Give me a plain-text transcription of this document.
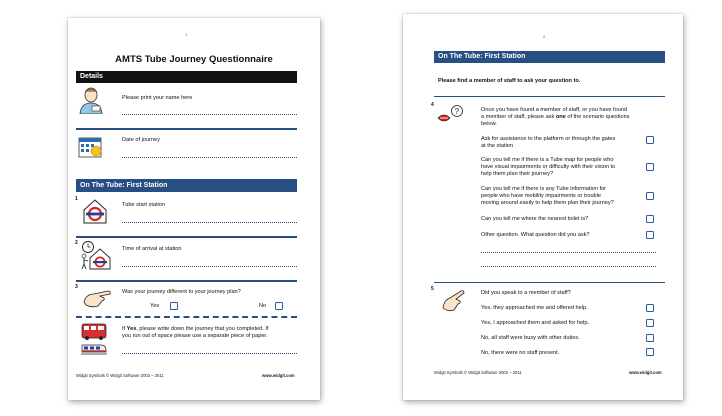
1
AMTS Tube Journey Questionnaire
Details
Please print your name here
Date of journey
On The Tube: First Station
1
Tube start station
2
Time of arrival at station
3
Was your journey different to your journey plan?
Yes	No
If Yes, please write down the journey that you completed. If
you run out of space please use a separate piece of paper.
Widgit Symbols © Widgit Software 2002 – 2011	www.widgit.com
2
On The Tube: First Station
Please find a member of staff to ask your question to.
4
?	Once you have found a member of staff, or you have found
a member of staff, please ask one of the scenario questions
below.
Ask for assistance to the platform or through the gates
at the station
Can you tell me if there is a Tube map for people who
have visual impairments or difficulty with their vision to
help them plan their journey?
Can you tell me if there is any Tube information for
people who have mobility impairments or trouble
moving around easily to help them plan their journey?
Can you tell me where the nearest toilet is?
Other question. What question did you ask?
5
Did you speak to a member of staff?
Yes, they approached me and offered help.
Yes, I approached them and asked for help.
No, all staff were busy with other duties.
No, there were no staff present.
Widgit Symbols © Widgit Software 2002 – 2011	www.widgit.com
